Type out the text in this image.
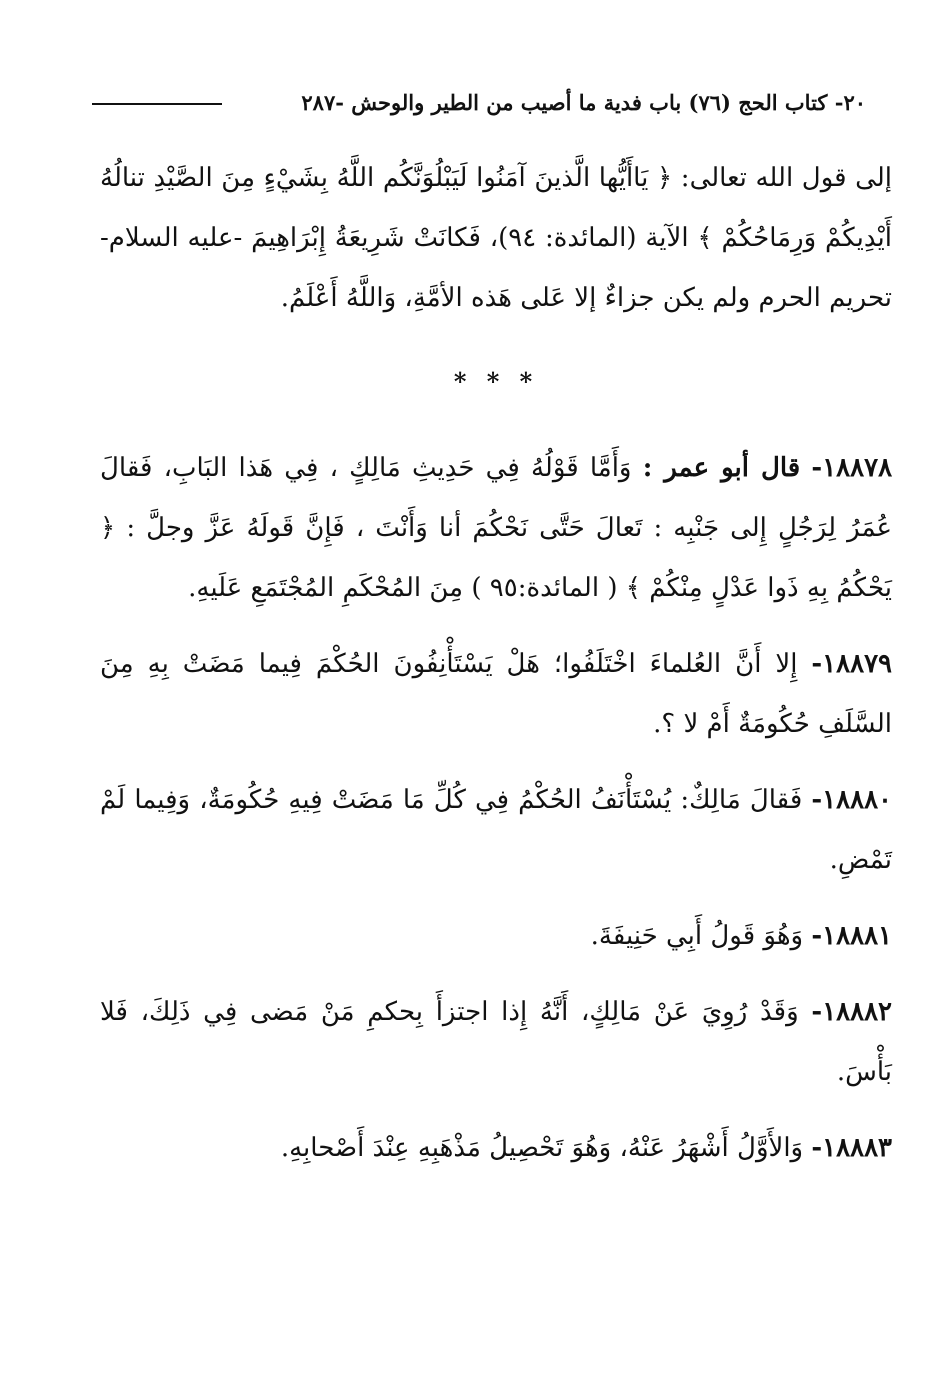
٢٠- كتاب الحج (٧٦) باب فدية ما أصيب من الطير والوحش -٢٨٧

إلى قول الله تعالى: ﴿ يَاأَيُّها الَّذينَ آمَنُوا لَيَبْلُوَنَّكُم اللَّهُ بِشَيْءٍ مِنَ الصَّيْدِ تنالُهُ أَيْدِيكُمْ وَرِمَاحُكُمْ ﴾ الآية (المائدة: ٩٤)، فَكانَتْ شَرِيعَةُ إِبْرَاهِيمَ -عليه السلام- تحريم الحرم ولم يكن جزاءٌ إلا عَلى هَذه الأمَّةِ، وَاللَّهُ أَعْلَمُ.

* * *

١٨٨٧٨- قال أبو عمر : وَأَمَّا قَوْلُهُ فِي حَدِيثِ مَالِكٍ ، فِي هَذا البَابِ، فَقالَ عُمَرُ لِرَجُلٍ إِلى جَنْبِه : تَعالَ حَتَّى نَحْكُمَ أنا وَأَنْتَ ، فَإِنَّ قَولَهُ عَزَّ وجلَّ : ﴿ يَحْكُمُ بِهِ ذَوا عَدْلٍ مِنْكُمْ ﴾ ( المائدة:٩٥ ) مِنَ المُحْكَمِ المُجْتَمَعِ عَلَيهِ.

١٨٨٧٩- إِلا أَنَّ العُلماءَ اخْتَلَفُوا؛ هَلْ يَسْتَأْنِفُونَ الحُكْمَ فِيما مَضَتْ بِهِ مِنَ السَّلَفِ حُكُومَةٌ أَمْ لا ؟.

١٨٨٨٠- فَقالَ مَالِكٌ: يُسْتَأْنَفُ الحُكْمُ فِي كُلِّ مَا مَضَتْ فِيهِ حُكُومَةٌ، وَفِيما لَمْ تَمْضِ.

١٨٨٨١- وَهُوَ قَولُ أَبِي حَنِيفَةَ.

١٨٨٨٢- وَقَدْ رُوِيَ عَنْ مَالِكٍ، أَنَّهُ إِذا اجتزأَ بِحكمِ مَنْ مَضى فِي ذَلِكَ، فَلا بَأْسَ.

١٨٨٨٣- وَالأَوَّلُ أَشْهَرُ عَنْهُ، وَهُوَ تَحْصِيلُ مَذْهَبِهِ عِنْدَ أَصْحابِهِ.
